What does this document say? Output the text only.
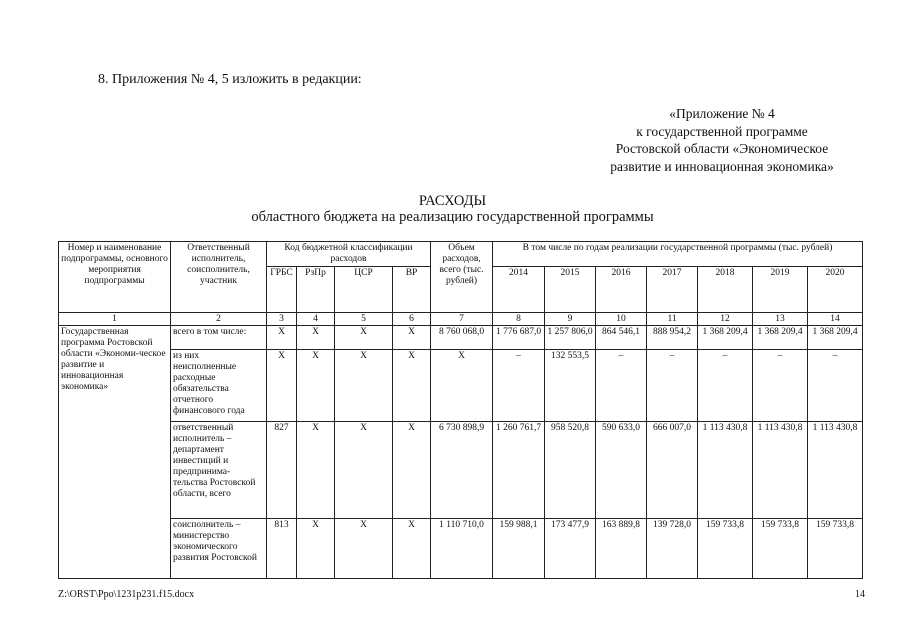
8. Приложения № 4, 5 изложить в редакции:
«Приложение № 4
к государственной программе
Ростовской области «Экономическое
развитие и инновационная экономика»
РАСХОДЫ
областного бюджета на реализацию государственной программы
Номер и наименование подпрограммы, основного мероприятия подпрограммы	Ответственный исполнитель, соисполнитель, участник	Код бюджетной классификации расходов				Объем расходов, всего (тыс. рублей)	В том числе по годам реализации государственной программы (тыс. рублей)						
		ГРБС	РзПр	ЦСР	ВР		2014	2015	2016	2017	2018	2019	2020
1	2	3	4	5	6	7	8	9	10	11	12	13	14
Государственная программа Ростовской области «Экономи-ческое развитие и инновационная экономика»	всего в том числе:	Х	Х	Х	Х	8 760 068,0	1 776 687,0	1 257 806,0	864 546,1	888 954,2	1 368 209,4	1 368 209,4	1 368 209,4
	из них неисполненные расходные обязательства отчетного финансового года	Х	Х	Х	Х	Х	–	132 553,5	–	–	–	–	–
	ответственный исполнитель – департамент инвестиций и предпринима-тельства Ростовской области, всего	827	Х	Х	Х	6 730 898,9	1 260 761,7	958 520,8	590 633,0	666 007,0	1 113 430,8	1 113 430,8	1 113 430,8
	соисполнитель – министерство экономического развития Ростовской	813	Х	Х	Х	1 110 710,0	159 988,1	173 477,9	163 889,8	139 728,0	159 733,8	159 733,8	159 733,8
Z:\ORST\Ppo\1231p231.f15.docx	14
